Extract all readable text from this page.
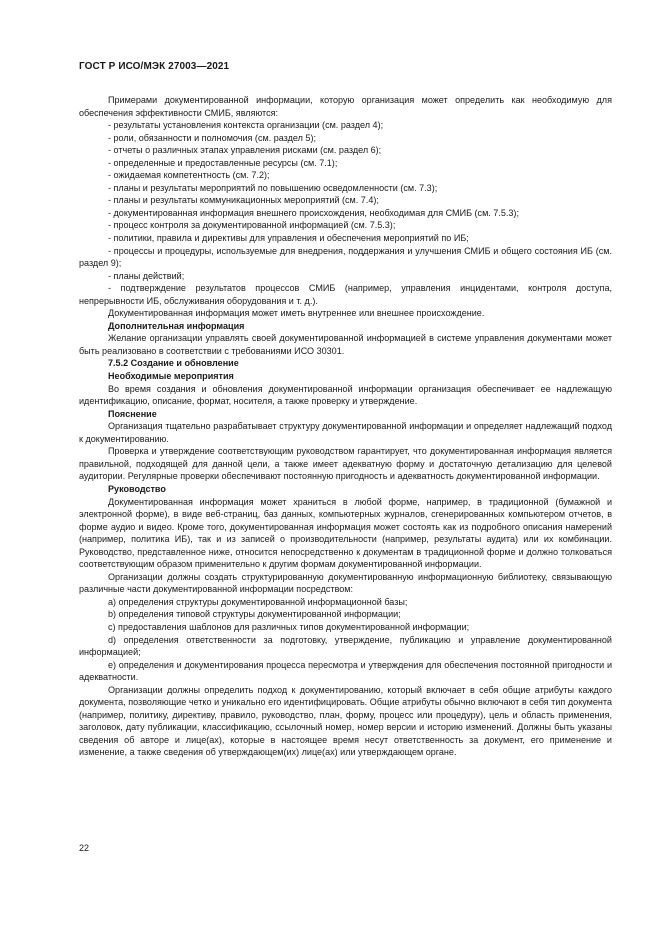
ГОСТ Р ИСО/МЭК 27003—2021

Примерами документированной информации, которую организация может определить как необходимую для обеспечения эффективности СМИБ, являются:

- результаты установления контекста организации (см. раздел 4);

- роли, обязанности и полномочия (см. раздел 5);

- отчеты о различных этапах управления рисками (см. раздел 6);

- определенные и предоставленные ресурсы (см. 7.1);

- ожидаемая компетентность (см. 7.2);

- планы и результаты мероприятий по повышению осведомленности (см. 7.3);

- планы и результаты коммуникационных мероприятий (см. 7.4);

- документированная информация внешнего происхождения, необходимая для СМИБ (см. 7.5.3);

- процесс контроля за документированной информацией (см. 7.5.3);

- политики, правила и директивы для управления и обеспечения мероприятий по ИБ;

- процессы и процедуры, используемые для внедрения, поддержания и улучшения СМИБ и общего состояния ИБ (см. раздел 9);

- планы действий;

- подтверждение результатов процессов СМИБ (например, управления инцидентами, контроля доступа, непрерывности ИБ, обслуживания оборудования и т. д.).

Документированная информация может иметь внутреннее или внешнее происхождение.

Дополнительная информация

Желание организации управлять своей документированной информацией в системе управления документами может быть реализовано в соответствии с требованиями ИСО 30301.

7.5.2 Создание и обновление

Необходимые мероприятия

Во время создания и обновления документированной информации организация обеспечивает ее надлежащую идентификацию, описание, формат, носителя, а также проверку и утверждение.

Пояснение

Организация тщательно разрабатывает структуру документированной информации и определяет надлежащий подход к документированию.

Проверка и утверждение соответствующим руководством гарантирует, что документированная информация является правильной, подходящей для данной цели, а также имеет адекватную форму и достаточную детализацию для целевой аудитории. Регулярные проверки обеспечивают постоянную пригодность и адекватность документированной информации.

Руководство

Документированная информация может храниться в любой форме, например, в традиционной (бумажной и электронной форме), в виде веб-страниц, баз данных, компьютерных журналов, сгенерированных компьютером отчетов, в форме аудио и видео. Кроме того, документированная информация может состоять как из подробного описания намерений (например, политика ИБ), так и из записей о производительности (например, результаты аудита) или их комбинации. Руководство, представленное ниже, относится непосредственно к документам в традиционной форме и должно толковаться соответствующим образом применительно к другим формам документированной информации.

Организации должны создать структурированную документированную информационную библиотеку, связывающую различные части документированной информации посредством:

а) определения структуры документированной информационной базы;

b) определения типовой структуры документированной информации;

с) предоставления шаблонов для различных типов документированной информации;

d) определения ответственности за подготовку, утверждение, публикацию и управление документированной информацией;

е) определения и документирования процесса пересмотра и утверждения для обеспечения постоянной пригодности и адекватности.

Организации должны определить подход к документированию, который включает в себя общие атрибуты каждого документа, позволяющие четко и уникально его идентифицировать. Общие атрибуты обычно включают в себя тип документа (например, политику, директиву, правило, руководство, план, форму, процесс или процедуру), цель и область применения, заголовок, дату публикации, классификацию, ссылочный номер, номер версии и историю изменений. Должны быть указаны сведения об авторе и лице(ах), которые в настоящее время несут ответственность за документ, его применение и изменение, а также сведения об утверждающем(их) лице(ах) или утверждающем органе.

22
